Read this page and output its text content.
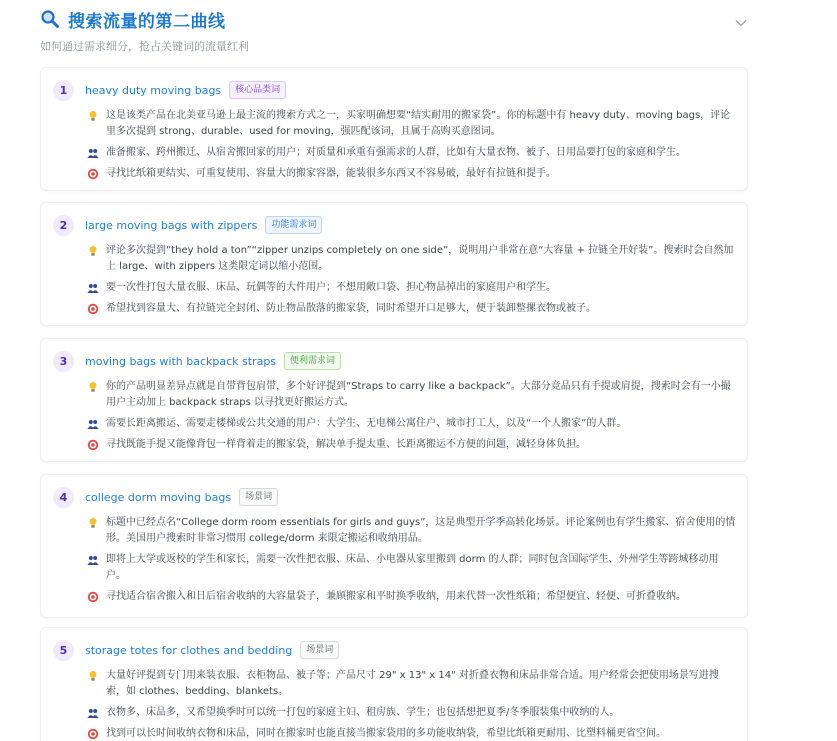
搜索流量的第二曲线
如何通过需求细分，抢占关键词的流量红利
1	heavy duty moving bags	核心品类词
这是该类产品在北美亚马逊上最主流的搜索方式之一，买家明确想要“结实耐用的搬家袋”。你的标题中有 heavy duty、moving bags，评论里多次提到 strong、durable、used for moving，强匹配该词，且属于高购买意图词。
准备搬家、跨州搬迁、从宿舍搬回家的用户；对质量和承重有强需求的人群，比如有大量衣物、被子、日用品要打包的家庭和学生。
寻找比纸箱更结实、可重复使用、容量大的搬家容器，能装很多东西又不容易破，最好有拉链和提手。
2	large moving bags with zippers	功能需求词
评论多次提到“they hold a ton”“zipper unzips completely on one side”，说明用户非常在意“大容量 + 拉链全开好装”。搜索时会自然加上 large、with zippers 这类限定词以缩小范围。
要一次性打包大量衣服、床品、玩偶等的大件用户；不想用敞口袋、担心物品掉出的家庭用户和学生。
希望找到容量大、有拉链完全封闭、防止物品散落的搬家袋，同时希望开口足够大，便于装卸整摞衣物或被子。
3	moving bags with backpack straps	便利需求词
你的产品明显差异点就是自带背包肩带，多个好评提到“Straps to carry like a backpack”。大部分竞品只有手提或肩提，搜索时会有一小撮用户主动加上 backpack straps 以寻找更好搬运方式。
需要长距离搬运、需要走楼梯或公共交通的用户：大学生、无电梯公寓住户、城市打工人，以及“一个人搬家”的人群。
寻找既能手提又能像背包一样背着走的搬家袋，解决单手提太重、长距离搬运不方便的问题，减轻身体负担。
4	college dorm moving bags	场景词
标题中已经点名“College dorm room essentials for girls and guys”，这是典型开学季高转化场景。评论案例也有学生搬家、宿舍使用的情形。美国用户搜索时非常习惯用 college/dorm 来限定搬运和收纳用品。
即将上大学或返校的学生和家长，需要一次性把衣服、床品、小电器从家里搬到 dorm 的人群；同时包含国际学生、外州学生等跨城移动用户。
寻找适合宿舍搬入和日后宿舍收纳的大容量袋子，兼顾搬家和平时换季收纳，用来代替一次性纸箱；希望便宜、轻便、可折叠收纳。
5	storage totes for clothes and bedding	场景词
大量好评提到专门用来装衣服、衣柜物品、被子等；产品尺寸 29" x 13" x 14" 对折叠衣物和床品非常合适。用户经常会把使用场景写进搜索，如 clothes、bedding、blankets。
衣物多、床品多，又希望换季时可以统一打包的家庭主妇、租房族、学生；也包括想把夏季/冬季服装集中收纳的人。
找到可以长时间收纳衣物和床品，同时在搬家时也能直接当搬家袋用的多功能收纳袋，希望比纸箱更耐用、比塑料桶更省空间。
